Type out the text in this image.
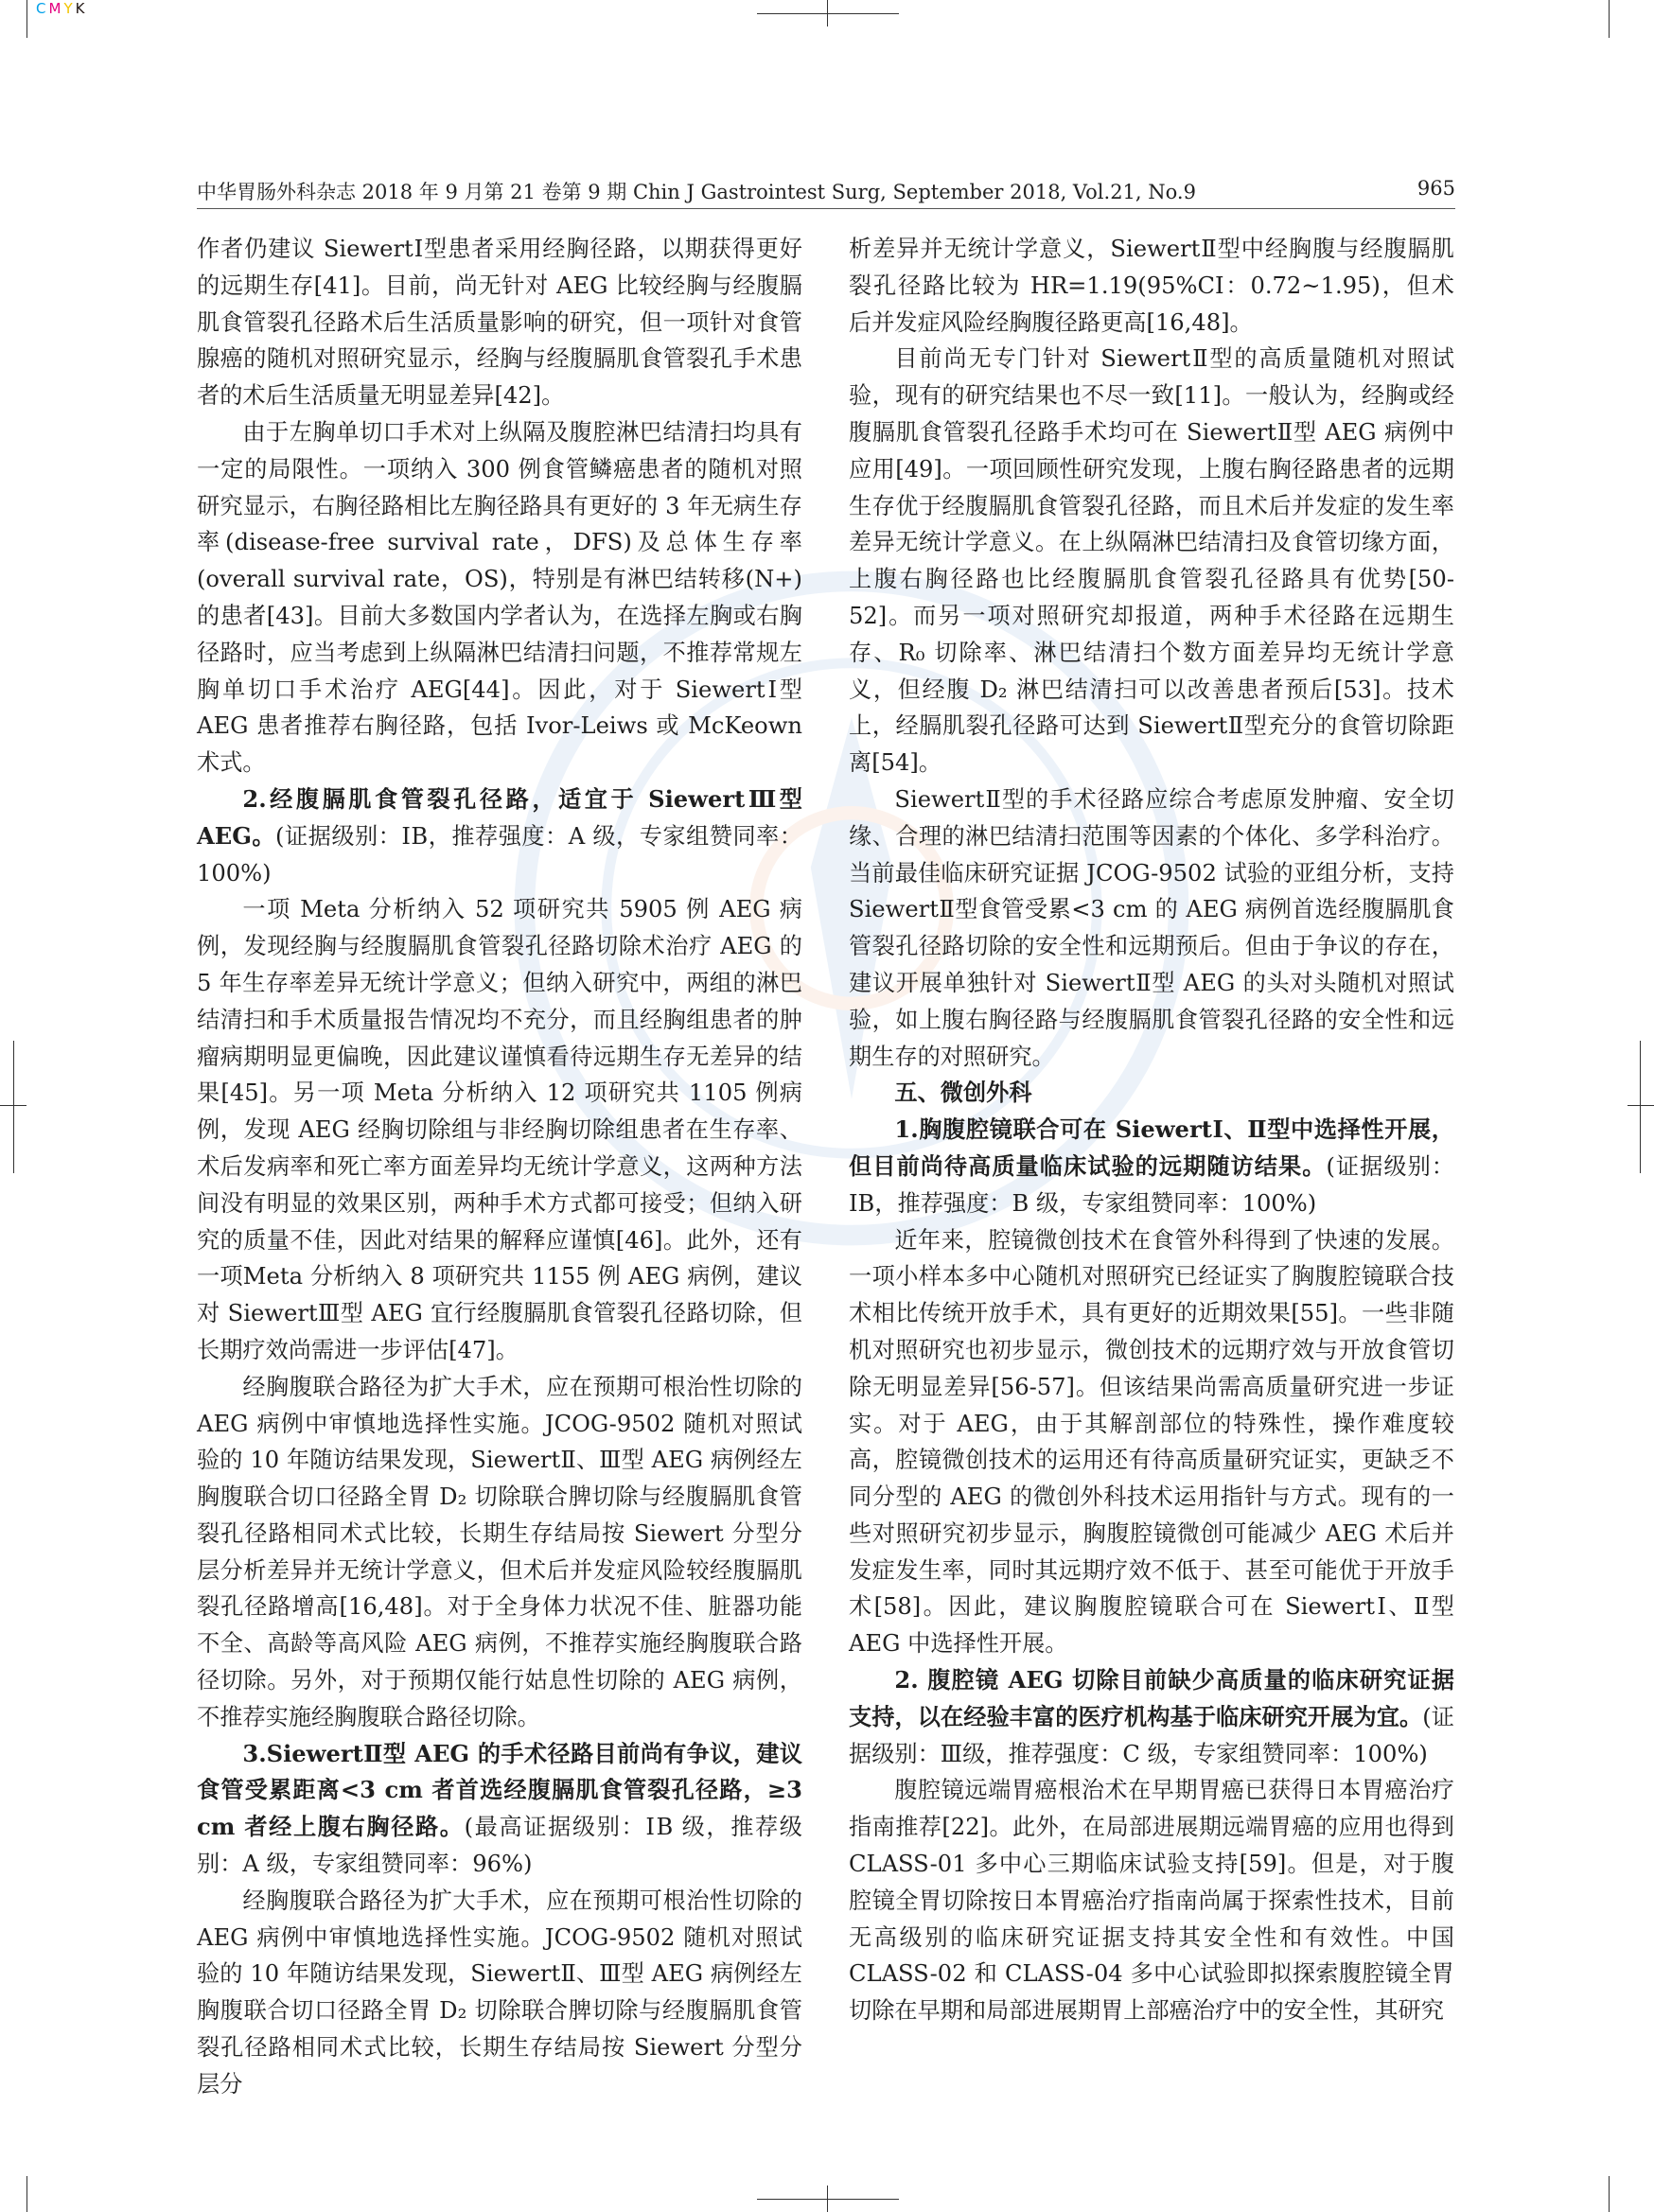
CMYK
中华胃肠外科杂志 2018 年 9 月第 21 卷第 9 期 Chin J Gastrointest Surg, September 2018, Vol.21, No.9	965

作者仍建议 SiewertⅠ型患者采用经胸径路，以期获得更好的远期生存[41]。目前，尚无针对 AEG 比较经胸与经腹膈肌食管裂孔径路术后生活质量影响的研究，但一项针对食管腺癌的随机对照研究显示，经胸与经腹膈肌食管裂孔手术患者的术后生活质量无明显差异[42]。

由于左胸单切口手术对上纵隔及腹腔淋巴结清扫均具有一定的局限性。一项纳入 300 例食管鳞癌患者的随机对照研究显示，右胸径路相比左胸径路具有更好的 3 年无病生存率(disease-free survival rate，DFS)及总体生存率(overall survival rate，OS)，特别是有淋巴结转移(N+)的患者[43]。目前大多数国内学者认为，在选择左胸或右胸径路时，应当考虑到上纵隔淋巴结清扫问题，不推荐常规左胸单切口手术治疗 AEG[44]。因此，对于 SiewertⅠ型 AEG 患者推荐右胸径路，包括 Ivor-Leiws 或 McKeown 术式。

2.经腹膈肌食管裂孔径路，适宜于 SiewertⅢ型 AEG。(证据级别：ⅠB，推荐强度：A 级，专家组赞同率：100%)

一项 Meta 分析纳入 52 项研究共 5905 例 AEG 病例，发现经胸与经腹膈肌食管裂孔径路切除术治疗 AEG 的 5 年生存率差异无统计学意义；但纳入研究中，两组的淋巴结清扫和手术质量报告情况均不充分，而且经胸组患者的肿瘤病期明显更偏晚，因此建议谨慎看待远期生存无差异的结果[45]。另一项 Meta 分析纳入 12 项研究共 1105 例病例，发现 AEG 经胸切除组与非经胸切除组患者在生存率、术后发病率和死亡率方面差异均无统计学意义，这两种方法间没有明显的效果区别，两种手术方式都可接受；但纳入研究的质量不佳，因此对结果的解释应谨慎[46]。此外，还有一项Meta 分析纳入 8 项研究共 1155 例 AEG 病例，建议对 SiewertⅢ型 AEG 宜行经腹膈肌食管裂孔径路切除，但长期疗效尚需进一步评估[47]。

经胸腹联合路径为扩大手术，应在预期可根治性切除的 AEG 病例中审慎地选择性实施。JCOG-9502 随机对照试验的 10 年随访结果发现，SiewertⅡ、Ⅲ型 AEG 病例经左胸腹联合切口径路全胃 D₂ 切除联合脾切除与经腹膈肌食管裂孔径路相同术式比较，长期生存结局按 Siewert 分型分层分析差异并无统计学意义，但术后并发症风险较经腹膈肌裂孔径路增高[16,48]。对于全身体力状况不佳、脏器功能不全、高龄等高风险 AEG 病例，不推荐实施经胸腹联合路径切除。另外，对于预期仅能行姑息性切除的 AEG 病例，不推荐实施经胸腹联合路径切除。

3.SiewertⅡ型 AEG 的手术径路目前尚有争议，建议食管受累距离<3 cm 者首选经腹膈肌食管裂孔径路，≥3 cm 者经上腹右胸径路。(最高证据级别：ⅠB 级，推荐级别：A 级，专家组赞同率：96%)

经胸腹联合路径为扩大手术，应在预期可根治性切除的 AEG 病例中审慎地选择性实施。JCOG-9502 随机对照试验的 10 年随访结果发现，SiewertⅡ、Ⅲ型 AEG 病例经左胸腹联合切口径路全胃 D₂ 切除联合脾切除与经腹膈肌食管裂孔径路相同术式比较，长期生存结局按 Siewert 分型分层分

析差异并无统计学意义，SiewertⅡ型中经胸腹与经腹膈肌裂孔径路比较为 HR=1.19(95%CI：0.72~1.95)，但术后并发症风险经胸腹径路更高[16,48]。

目前尚无专门针对 SiewertⅡ型的高质量随机对照试验，现有的研究结果也不尽一致[11]。一般认为，经胸或经腹膈肌食管裂孔径路手术均可在 SiewertⅡ型 AEG 病例中应用[49]。一项回顾性研究发现，上腹右胸径路患者的远期生存优于经腹膈肌食管裂孔径路，而且术后并发症的发生率差异无统计学意义。在上纵隔淋巴结清扫及食管切缘方面，上腹右胸径路也比经腹膈肌食管裂孔径路具有优势[50-52]。而另一项对照研究却报道，两种手术径路在远期生存、R₀ 切除率、淋巴结清扫个数方面差异均无统计学意义，但经腹 D₂ 淋巴结清扫可以改善患者预后[53]。技术上，经膈肌裂孔径路可达到 SiewertⅡ型充分的食管切除距离[54]。

SiewertⅡ型的手术径路应综合考虑原发肿瘤、安全切缘、合理的淋巴结清扫范围等因素的个体化、多学科治疗。当前最佳临床研究证据 JCOG-9502 试验的亚组分析，支持 SiewertⅡ型食管受累<3 cm 的 AEG 病例首选经腹膈肌食管裂孔径路切除的安全性和远期预后。但由于争议的存在，建议开展单独针对 SiewertⅡ型 AEG 的头对头随机对照试验，如上腹右胸径路与经腹膈肌食管裂孔径路的安全性和远期生存的对照研究。

五、微创外科

1.胸腹腔镜联合可在 SiewertⅠ、Ⅱ型中选择性开展，但目前尚待高质量临床试验的远期随访结果。(证据级别：ⅠB，推荐强度：B 级，专家组赞同率：100%)

近年来，腔镜微创技术在食管外科得到了快速的发展。一项小样本多中心随机对照研究已经证实了胸腹腔镜联合技术相比传统开放手术，具有更好的近期效果[55]。一些非随机对照研究也初步显示，微创技术的远期疗效与开放食管切除无明显差异[56-57]。但该结果尚需高质量研究进一步证实。对于 AEG，由于其解剖部位的特殊性，操作难度较高，腔镜微创技术的运用还有待高质量研究证实，更缺乏不同分型的 AEG 的微创外科技术运用指针与方式。现有的一些对照研究初步显示，胸腹腔镜微创可能减少 AEG 术后并发症发生率，同时其远期疗效不低于、甚至可能优于开放手术[58]。因此，建议胸腹腔镜联合可在 SiewertⅠ、Ⅱ型 AEG 中选择性开展。

2. 腹腔镜 AEG 切除目前缺少高质量的临床研究证据支持，以在经验丰富的医疗机构基于临床研究开展为宜。(证据级别：Ⅲ级，推荐强度：C 级，专家组赞同率：100%)

腹腔镜远端胃癌根治术在早期胃癌已获得日本胃癌治疗指南推荐[22]。此外，在局部进展期远端胃癌的应用也得到 CLASS-01 多中心三期临床试验支持[59]。但是，对于腹腔镜全胃切除按日本胃癌治疗指南尚属于探索性技术，目前无高级别的临床研究证据支持其安全性和有效性。中国 CLASS-02 和 CLASS-04 多中心试验即拟探索腹腔镜全胃切除在早期和局部进展期胃上部癌治疗中的安全性，其研究
